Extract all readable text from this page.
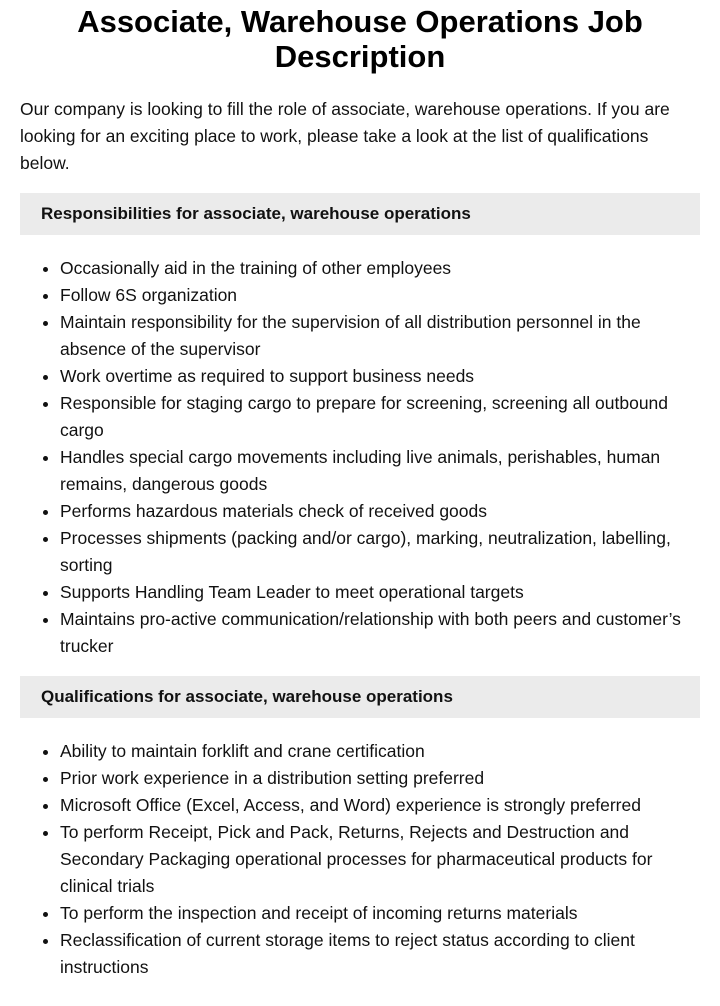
Associate, Warehouse Operations Job Description

Our company is looking to fill the role of associate, warehouse operations. If you are looking for an exciting place to work, please take a look at the list of qualifications below.

Responsibilities for associate, warehouse operations
• Occasionally aid in the training of other employees
• Follow 6S organization
• Maintain responsibility for the supervision of all distribution personnel in the absence of the supervisor
• Work overtime as required to support business needs
• Responsible for staging cargo to prepare for screening, screening all outbound cargo
• Handles special cargo movements including live animals, perishables, human remains, dangerous goods
• Performs hazardous materials check of received goods
• Processes shipments (packing and/or cargo), marking, neutralization, labelling, sorting
• Supports Handling Team Leader to meet operational targets
• Maintains pro-active communication/relationship with both peers and customer’s trucker
Qualifications for associate, warehouse operations
• Ability to maintain forklift and crane certification
• Prior work experience in a distribution setting preferred
• Microsoft Office (Excel, Access, and Word) experience is strongly preferred
• To perform Receipt, Pick and Pack, Returns, Rejects and Destruction and Secondary Packaging operational processes for pharmaceutical products for clinical trials
• To perform the inspection and receipt of incoming returns materials
• Reclassification of current storage items to reject status according to client instructions
